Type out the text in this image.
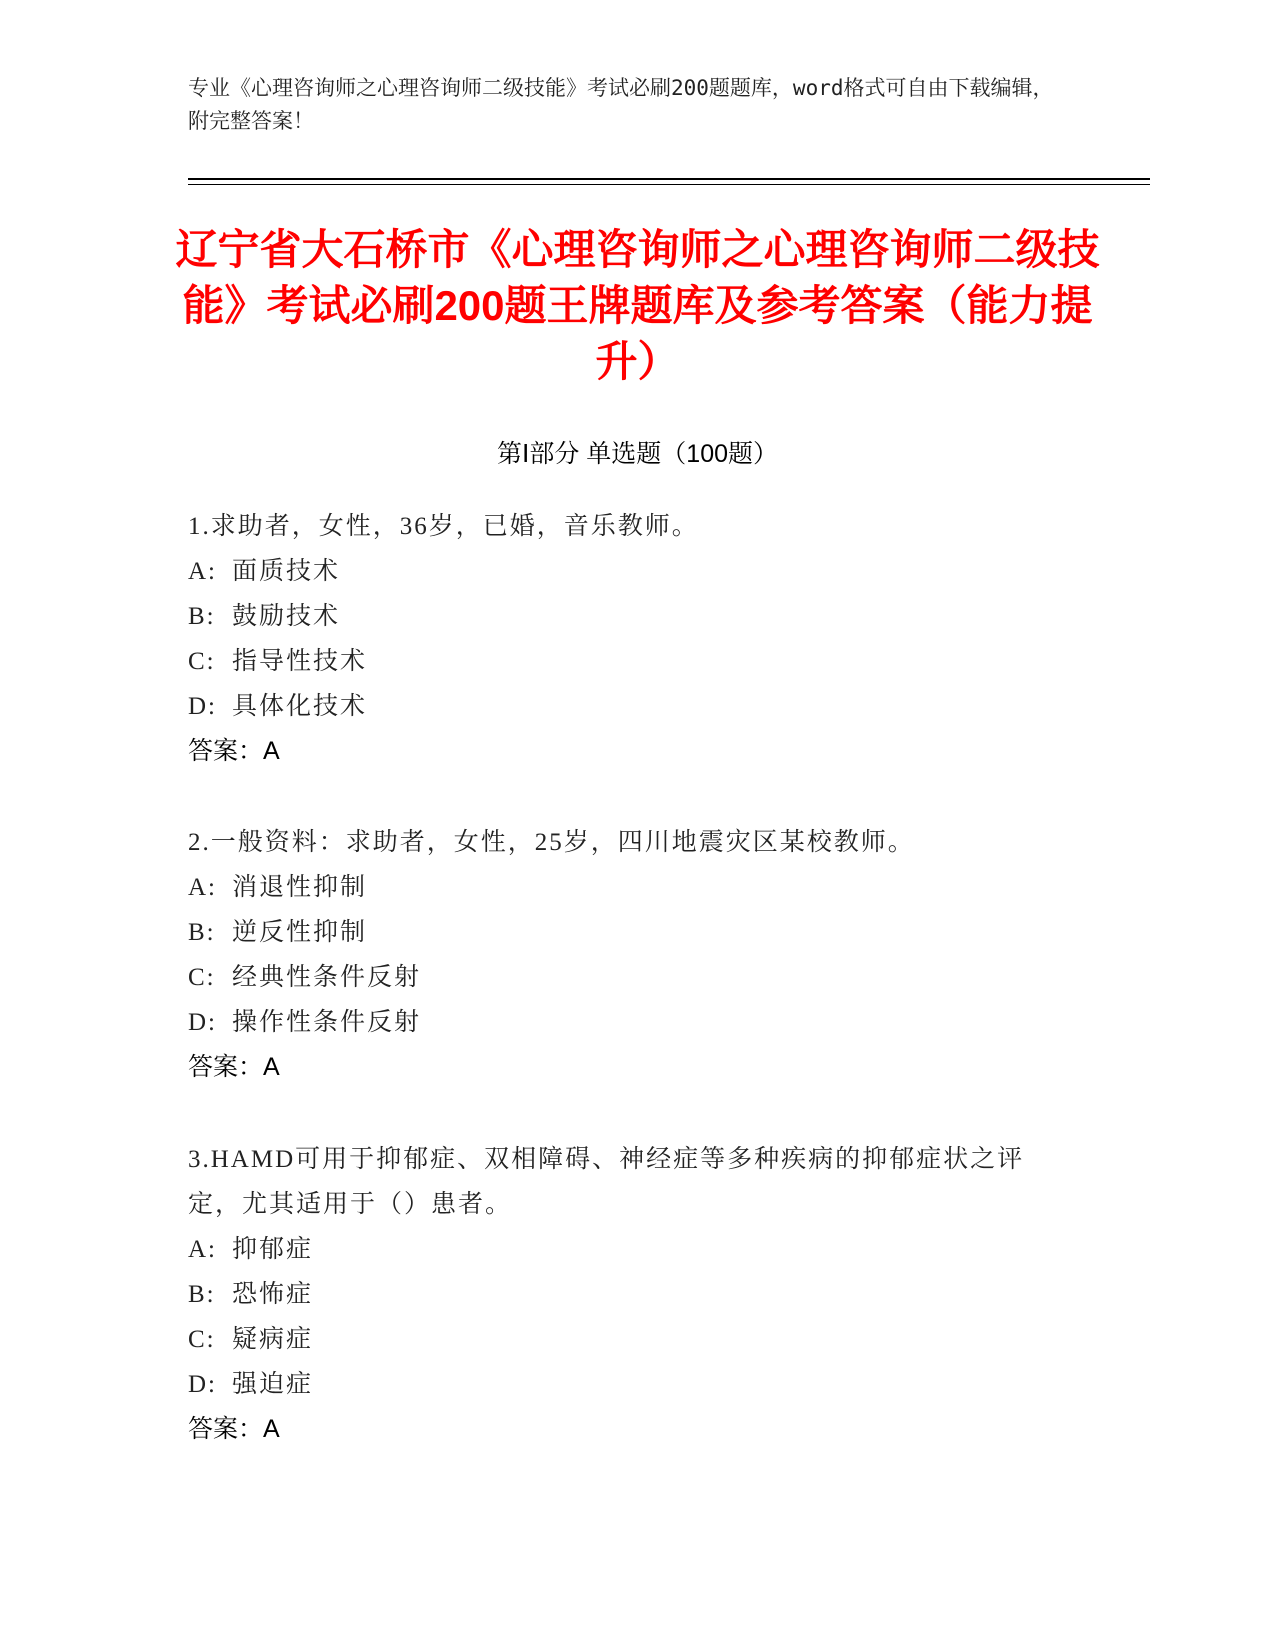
专业《心理咨询师之心理咨询师二级技能》考试必刷200题题库，word格式可自由下载编辑，附完整答案！
辽宁省大石桥市《心理咨询师之心理咨询师二级技能》考试必刷200题王牌题库及参考答案（能力提升）
第Ⅰ部分 单选题（100题）

1.求助者，女性，36岁，已婚，音乐教师。

A: 面质技术
B: 鼓励技术
C: 指导性技术
D: 具体化技术
答案：A

2.一般资料：求助者，女性，25岁，四川地震灾区某校教师。

A: 消退性抑制
B: 逆反性抑制
C: 经典性条件反射
D: 操作性条件反射
答案：A

3.HAMD可用于抑郁症、双相障碍、神经症等多种疾病的抑郁症状之评定，尤其适用于（）患者。

A: 抑郁症
B: 恐怖症
C: 疑病症
D: 强迫症
答案：A
